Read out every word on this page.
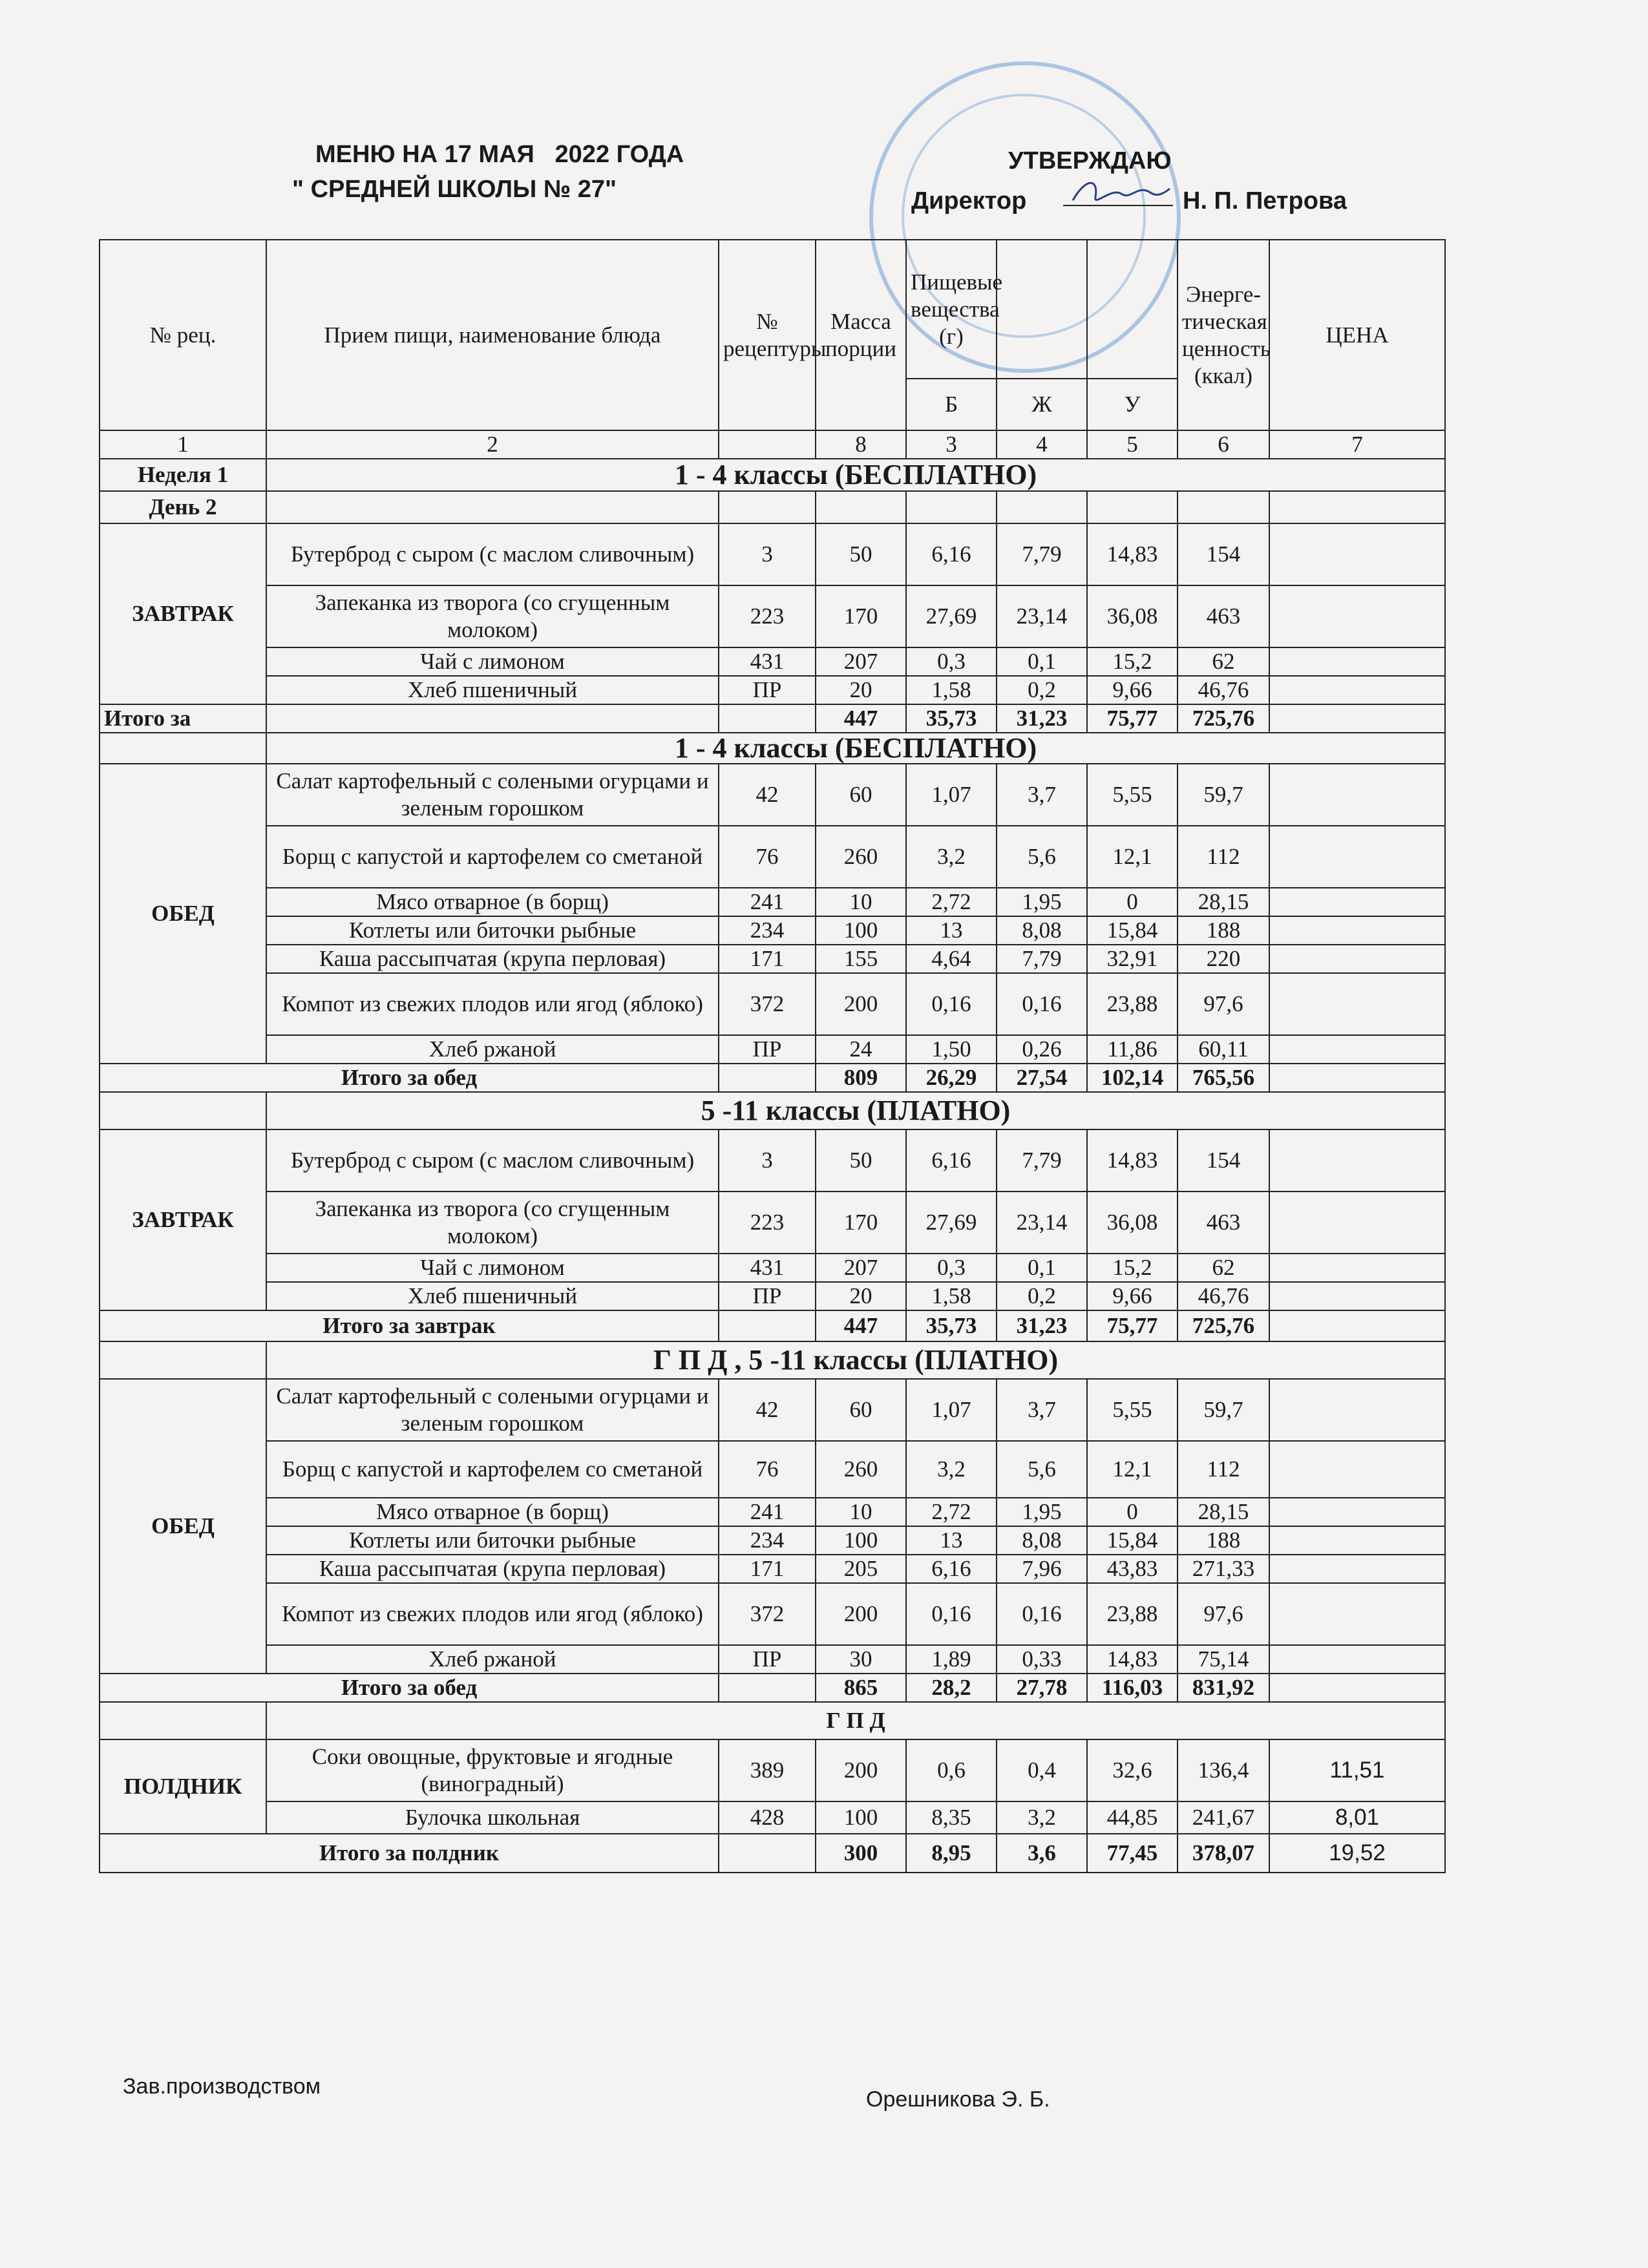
МЕНЮ НА 17 МАЯ   2022 ГОДА
" СРЕДНЕЙ ШКОЛЫ № 27"
УТВЕРЖДАЮ
Директор	Н. П. Петрова
№ рец.	Прием пищи, наименование блюда	№ рецептуры	Масса порции	Пищевые вещества (г)			Энерге-тическая ценность (ккал)	ЦЕНА
				Б	Ж	У		
1	2		8	3	4	5	6	7
Неделя 1	1 - 4 классы (БЕСПЛАТНО)							
День 2								
ЗАВТРАК	Бутерброд с сыром (с маслом сливочным)	3	50	6,16	7,79	14,83	154	
	Запеканка из творога (со сгущенным молоком)	223	170	27,69	23,14	36,08	463	
	Чай с лимоном	431	207	0,3	0,1	15,2	62	
	Хлеб пшеничный	ПР	20	1,58	0,2	9,66	46,76	
Итого за			447	35,73	31,23	75,77	725,76	
	1 - 4 классы (БЕСПЛАТНО)							
ОБЕД	Салат картофельный с солеными огурцами и зеленым горошком	42	60	1,07	3,7	5,55	59,7	
	Борщ с капустой и картофелем со сметаной	76	260	3,2	5,6	12,1	112	
	Мясо отварное (в борщ)	241	10	2,72	1,95	0	28,15	
	Котлеты или биточки рыбные	234	100	13	8,08	15,84	188	
	Каша рассыпчатая (крупа перловая)	171	155	4,64	7,79	32,91	220	
	Компот из свежих плодов или ягод (яблоко)	372	200	0,16	0,16	23,88	97,6	
	Хлеб ржаной	ПР	24	1,50	0,26	11,86	60,11	
Итого за обед			809	26,29	27,54	102,14	765,56	
	5 -11 классы (ПЛАТНО)							
ЗАВТРАК	Бутерброд с сыром (с маслом сливочным)	3	50	6,16	7,79	14,83	154	
	Запеканка из творога (со сгущенным молоком)	223	170	27,69	23,14	36,08	463	
	Чай с лимоном	431	207	0,3	0,1	15,2	62	
	Хлеб пшеничный	ПР	20	1,58	0,2	9,66	46,76	
Итого за завтрак			447	35,73	31,23	75,77	725,76	
	Г П Д , 5 -11 классы (ПЛАТНО)							
ОБЕД	Салат картофельный с солеными огурцами и зеленым горошком	42	60	1,07	3,7	5,55	59,7	
	Борщ с капустой и картофелем со сметаной	76	260	3,2	5,6	12,1	112	
	Мясо отварное (в борщ)	241	10	2,72	1,95	0	28,15	
	Котлеты или биточки рыбные	234	100	13	8,08	15,84	188	
	Каша рассыпчатая (крупа перловая)	171	205	6,16	7,96	43,83	271,33	
	Компот из свежих плодов или ягод (яблоко)	372	200	0,16	0,16	23,88	97,6	
	Хлеб ржаной	ПР	30	1,89	0,33	14,83	75,14	
Итого за обед			865	28,2	27,78	116,03	831,92	
	Г П Д							
ПОЛДНИК	Соки овощные, фруктовые и ягодные (виноградный)	389	200	0,6	0,4	32,6	136,4	11,51
	Булочка школьная	428	100	8,35	3,2	44,85	241,67	8,01
Итого за полдник			300	8,95	3,6	77,45	378,07	19,52
Зав.производством
Орешникова Э. Б.
